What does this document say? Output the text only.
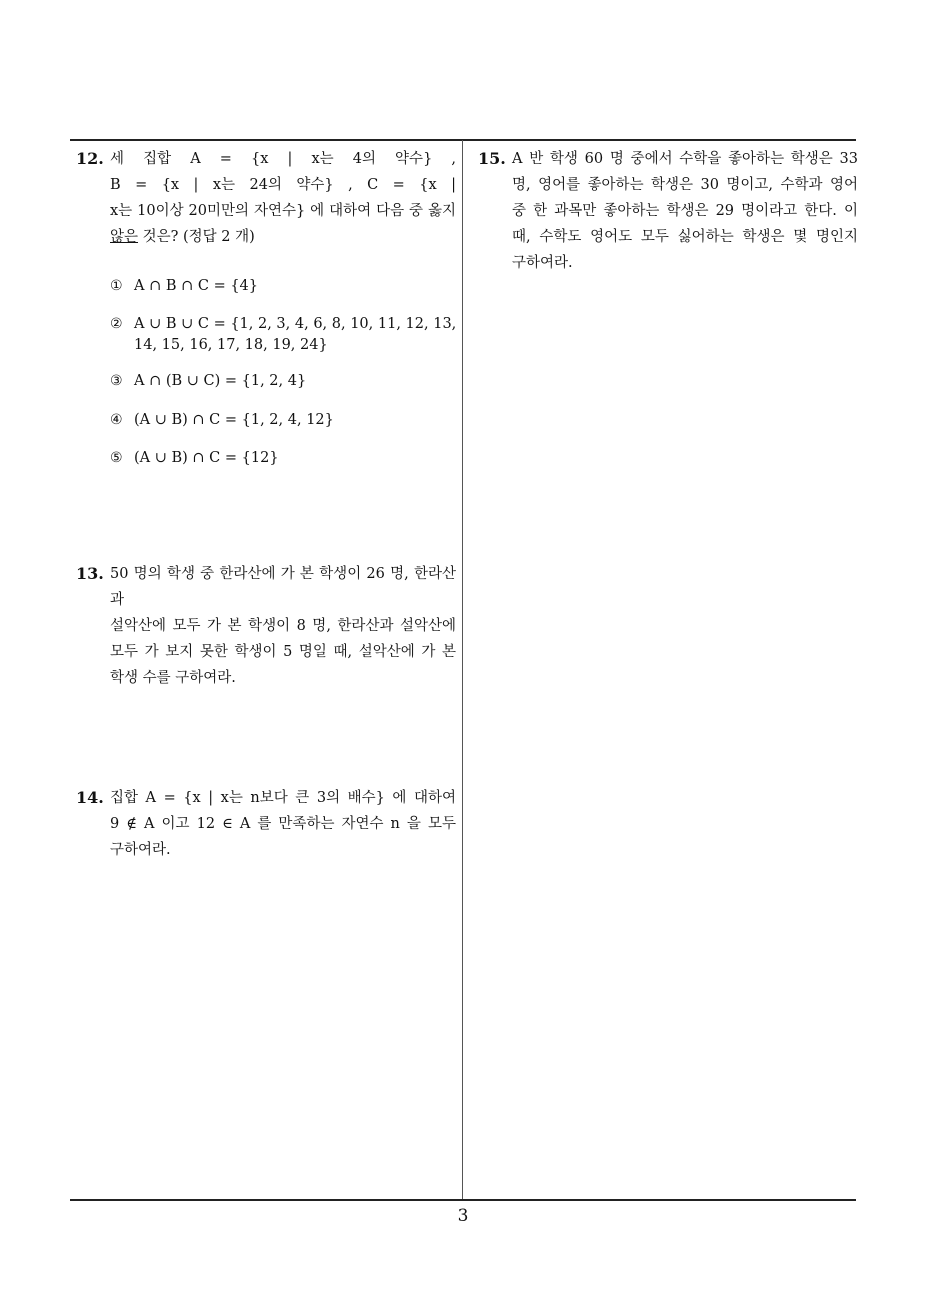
12. 세 집합 A = {x | x는 4의 약수} ,
B = {x | x는 24의 약수} , C = {x |
x는 10이상 20미만의 자연수} 에 대하여 다음 중 옳지
않은 것은? (정답 2 개)
① A ∩ B ∩ C = {4}
② A ∪ B ∪ C = {1, 2, 3, 4, 6, 8, 10, 11, 12, 13,
14, 15, 16, 17, 18, 19, 24}
③ A ∩ (B ∪ C) = {1, 2, 4}
④ (A ∪ B) ∩ C = {1, 2, 4, 12}
⑤ (A ∪ B) ∩ C = {12}
13. 50 명의 학생 중 한라산에 가 본 학생이 26 명, 한라산과
설악산에 모두 가 본 학생이 8 명, 한라산과 설악산에
모두 가 보지 못한 학생이 5 명일 때, 설악산에 가 본
학생 수를 구하여라.
14. 집합 A = {x | x는 n보다 큰 3의 배수} 에 대하여
9 ∉ A 이고 12 ∈ A 를 만족하는 자연수 n 을 모두
구하여라.
15. A 반 학생 60 명 중에서 수학을 좋아하는 학생은 33
명, 영어를 좋아하는 학생은 30 명이고, 수학과 영어
중 한 과목만 좋아하는 학생은 29 명이라고 한다. 이
때, 수학도 영어도 모두 싫어하는 학생은 몇 명인지
구하여라.
3
